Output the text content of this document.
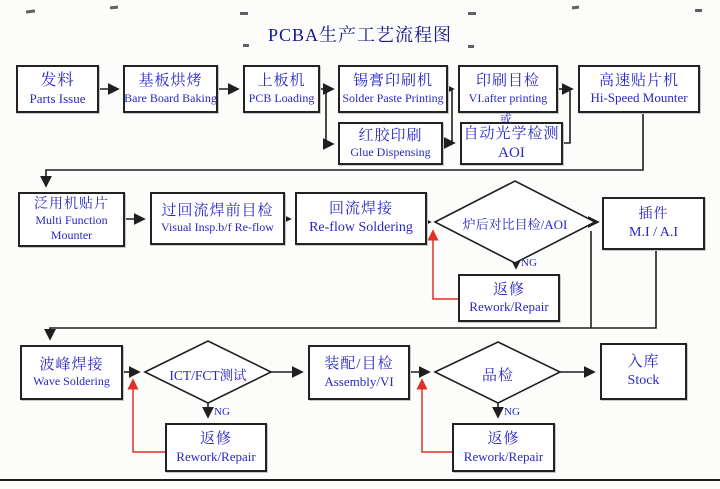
PCBA生产工艺流程图
发料
Parts Issue
基板烘烤
Bare Board Baking
上板机
PCB Loading
锡膏印刷机
Solder Paste Printing
印刷目检
VI.after printing
高速贴片机
Hi-Speed Mounter
红胶印刷
Glue Dispensing
自动光学检测
AOI
或
泛用机贴片
Multi Function
Mounter
过回流焊前目检
Visual Insp.b/f Re-flow
回流焊接
Re-flow Soldering
插件
M.I / A.I
返修
Rework/Repair
波峰焊接
Wave Soldering
装配/目检
Assembly/VI
入库
Stock
返修
Rework/Repair
返修
Rework/Repair
炉后对比目检/AOI
ICT/FCT测试	品检
NG
NG	NG
